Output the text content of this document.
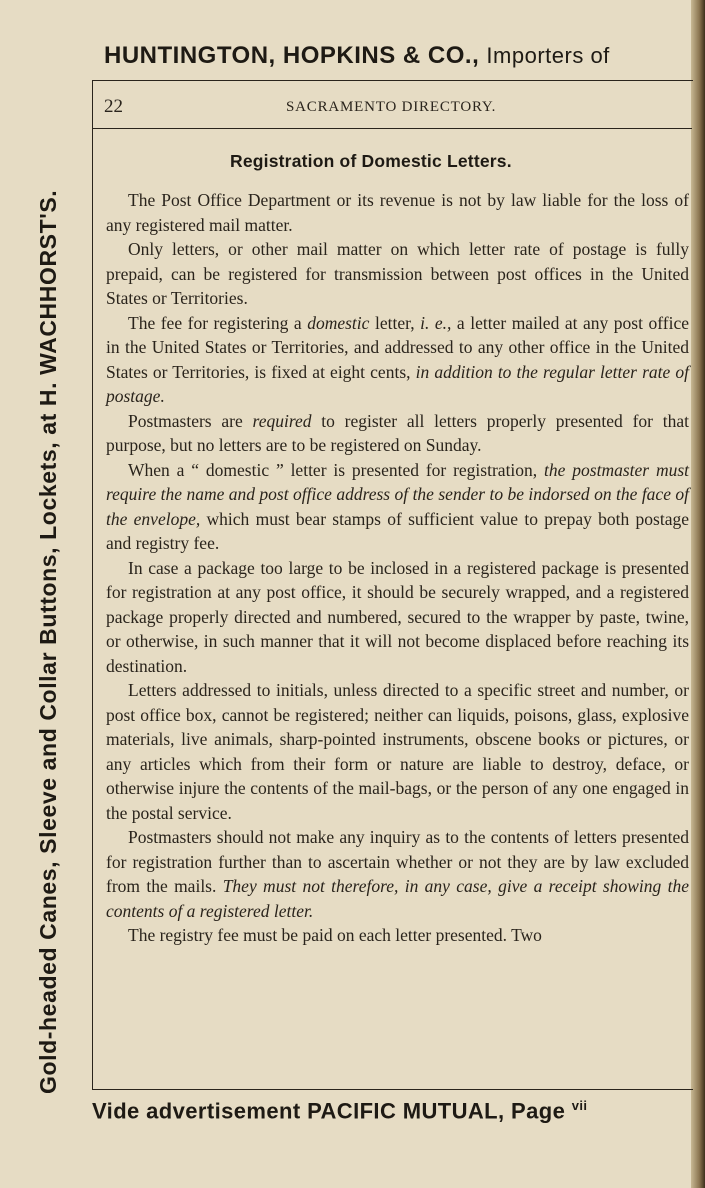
HUNTINGTON, HOPKINS & CO., Importers of
Gold-headed Canes, Sleeve and Collar Buttons, Lockets, at H. WACHHORST'S.
22	SACRAMENTO DIRECTORY.
Registration of Domestic Letters.

The Post Office Department or its revenue is not by law liable for the loss of any registered mail matter.

Only letters, or other mail matter on which letter rate of postage is fully prepaid, can be registered for transmission between post offices in the United States or Territories.

The fee for registering a domestic letter, i. e., a letter mailed at any post office in the United States or Territories, and addressed to any other office in the United States or Territories, is fixed at eight cents, in addition to the regular letter rate of postage.

Postmasters are required to register all letters properly presented for that purpose, but no letters are to be registered on Sunday.

When a “ domestic ” letter is presented for registration, the postmaster must require the name and post office address of the sender to be indorsed on the face of the envelope, which must bear stamps of sufficient value to prepay both postage and registry fee.

In case a package too large to be inclosed in a registered package is presented for registration at any post office, it should be securely wrapped, and a registered package properly directed and numbered, secured to the wrapper by paste, twine, or otherwise, in such manner that it will not become displaced before reaching its destination.

Letters addressed to initials, unless directed to a specific street and number, or post office box, cannot be registered; neither can liquids, poisons, glass, explosive materials, live animals, sharp-pointed instruments, obscene books or pictures, or any articles which from their form or nature are liable to destroy, deface, or otherwise injure the contents of the mail-bags, or the person of any one engaged in the postal service.

Postmasters should not make any inquiry as to the contents of letters presented for registration further than to ascertain whether or not they are by law excluded from the mails. They must not therefore, in any case, give a receipt showing the contents of a registered letter.

The registry fee must be paid on each letter presented. Two

Vide advertisement PACIFIC MUTUAL, Page $^{vii}$
